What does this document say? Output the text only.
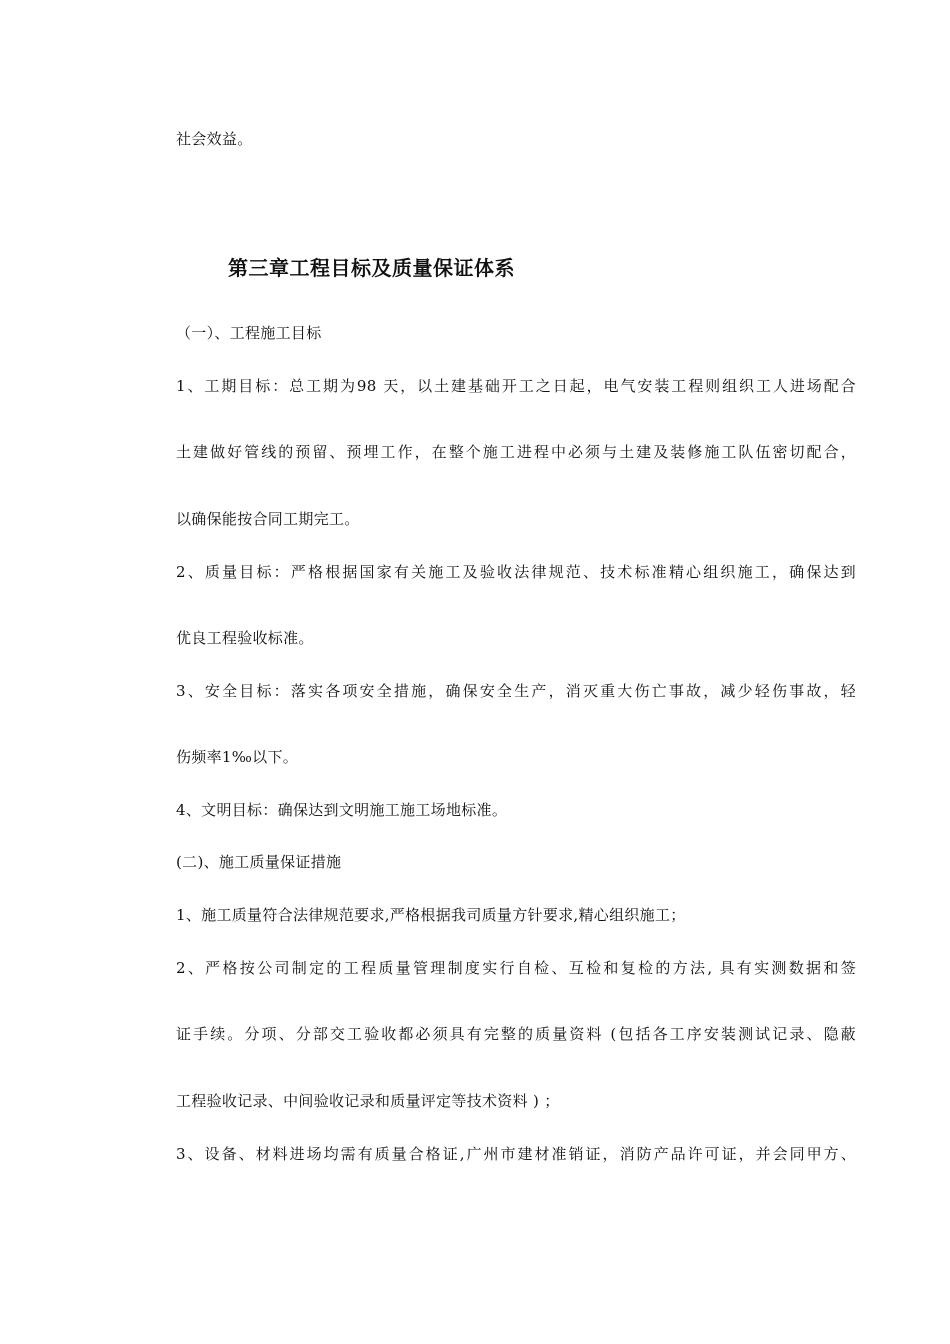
社会效益。
第三章工程目标及质量保证体系
（一）、工程施工目标
1、工期目标：总工期为98 天，以土建基础开工之日起，电气安装工程则组织工人进场配合
土建做好管线的预留、预埋工作，在整个施工进程中必须与土建及装修施工队伍密切配合，
以确保能按合同工期完工。
2、质量目标：严格根据国家有关施工及验收法律规范、技术标准精心组织施工，确保达到
优良工程验收标准。
3、安全目标：落实各项安全措施，确保安全生产，消灭重大伤亡事故，减少轻伤事故，轻
伤频率1‰以下。
4、文明目标：确保达到文明施工施工场地标准。
(二)、施工质量保证措施
1、施工质量符合法律规范要求,严格根据我司质量方针要求,精心组织施工；
2、严格按公司制定的工程质量管理制度实行自检、互检和复检的方法, 具有实测数据和签
证手续。分项、分部交工验收都必须具有完整的质量资料 (包括各工序安装测试记录、隐蔽
工程验收记录、中间验收记录和质量评定等技术资料 ) ；
3、设备、材料进场均需有质量合格证,广州市建材准销证，消防产品许可证，并会同甲方、
